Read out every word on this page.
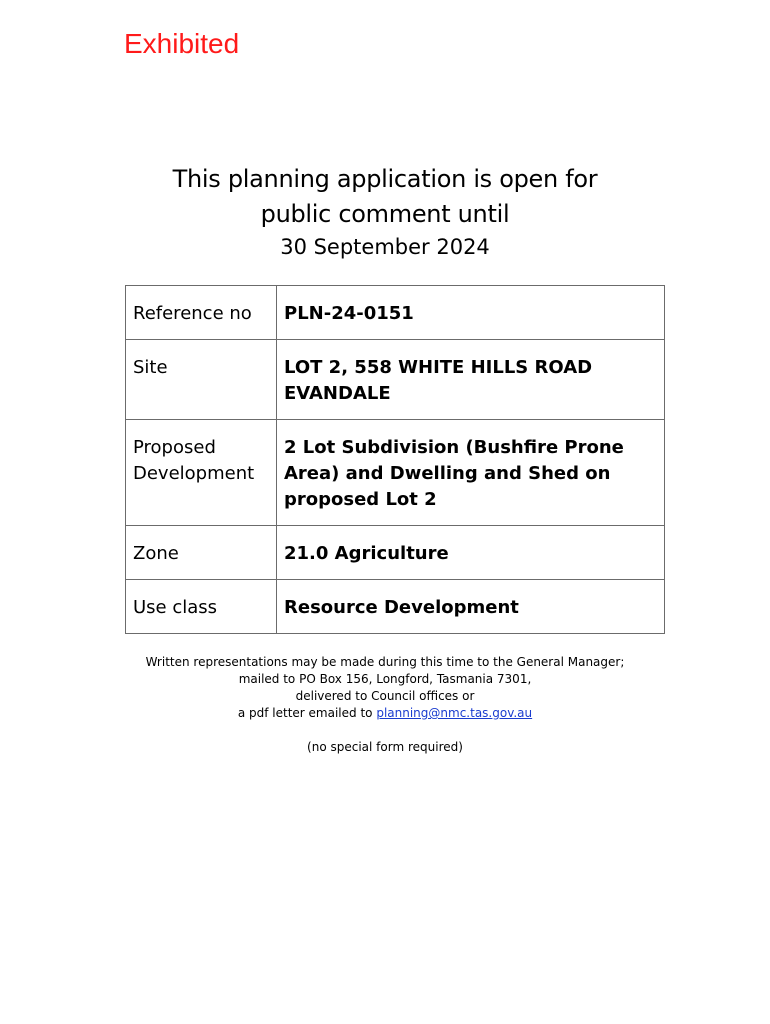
Exhibited
This planning application is open for
public comment until
30 September 2024
Reference no	PLN-24-0151
Site	LOT 2, 558 WHITE HILLS ROAD EVANDALE
Proposed Development	2 Lot Subdivision (Bushfire Prone Area) and Dwelling and Shed on proposed Lot 2
Zone	21.0 Agriculture
Use class	Resource Development
Written representations may be made during this time to the General Manager;
mailed to PO Box 156, Longford, Tasmania 7301,
delivered to Council offices or
a pdf letter emailed to planning@nmc.tas.gov.au
(no special form required)
